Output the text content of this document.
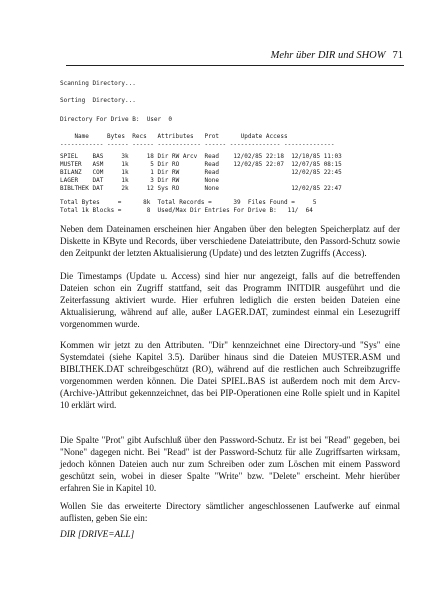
Mehr über DIR und SHOW 71
Scanning Directory...
Sorting  Directory...
Directory For Drive B:  User  0
Name     Bytes  Recs   Attributes   Prot      Update Access
------------ ------ ------ ------------ ------ -------------- --------------
SPIEL    BAS     3k     18 Dir RW Arcv  Read    12/02/85 22:18  12/10/85 11:03
MUSTER   ASM     1k      5 Dir RO       Read    12/02/85 22:07  12/07/85 08:15
BILANZ   COM     1k      1 Dir RW       Read                    12/02/85 22:45
LAGER    DAT     1k      3 Dir RW       None
BIBLTHEK DAT     2k     12 Sys RO       None                    12/02/85 22:47
Total Bytes     =      8k  Total Records =      39  Files Found =     5
Total 1k Blocks =       8  Used/Max Dir Entries For Drive B:   11/  64

Neben dem Dateinamen erscheinen hier Angaben über den belegten Speicherplatz auf der Diskette in KByte und Records, über verschiedene Dateiattribute, den Passord-Schutz sowie den Zeitpunkt der letzten Aktualisierung (Update) und des letzten Zugriffs (Access).

Die Timestamps (Update u. Access) sind hier nur angezeigt, falls auf die betreffenden Dateien schon ein Zugriff stattfand, seit das Programm INITDIR ausgeführt und die Zeiterfassung aktiviert wurde. Hier erfuhren lediglich die ersten beiden Dateien eine Aktualisierung, während auf alle, außer LAGER.DAT, zumindest einmal ein Lesezugriff vorgenommen wurde.

Kommen wir jetzt zu den Attributen. "Dir" kennzeichnet eine Directory-und "Sys" eine Systemdatei (siehe Kapitel 3.5). Darüber hinaus sind die Dateien MUSTER.ASM und BIBLTHEK.DAT schreibgeschützt (RO), während auf die restlichen auch Schreibzugriffe vorgenommen werden können. Die Datei SPIEL.BAS ist außerdem noch mit dem Arcv-(Archive-)Attribut gekennzeichnet, das bei PIP-Operationen eine Rolle spielt und in Kapitel 10 erklärt wird.

Die Spalte "Prot" gibt Aufschluß über den Password-Schutz. Er ist bei "Read" gegeben, bei "None" dagegen nicht. Bei "Read" ist der Password-Schutz für alle Zugriffsarten wirksam, jedoch können Dateien auch nur zum Schreiben oder zum Löschen mit einem Password geschützt sein, wobei in dieser Spalte "Write" bzw. "Delete" erscheint. Mehr hierüber erfahren Sie in Kapitel 10.

Wollen Sie das erweiterte Directory sämtlicher angeschlossenen Laufwerke auf einmal auflisten, geben Sie ein:

DIR [DRIVE=ALL]
